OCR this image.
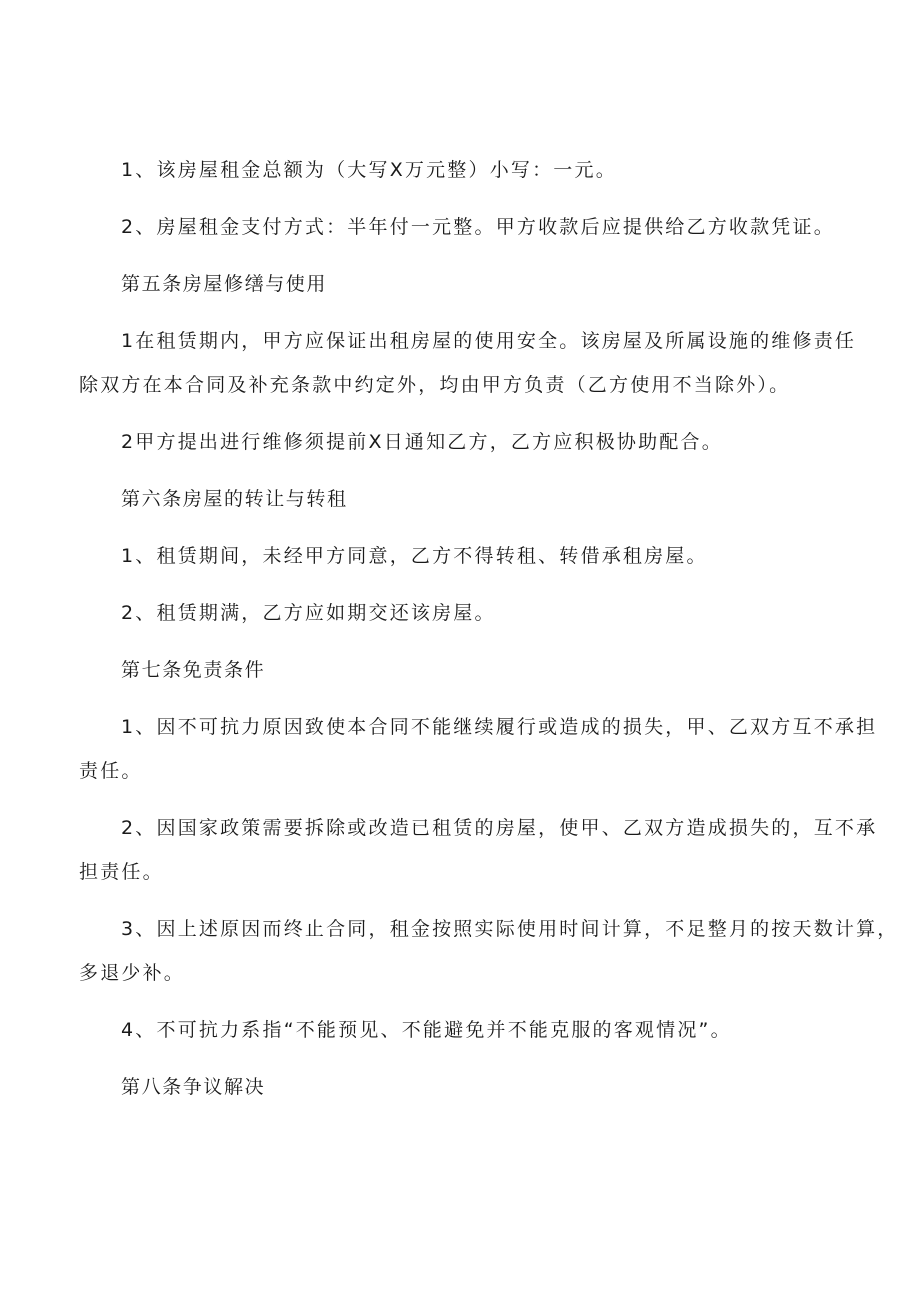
1、该房屋租金总额为（大写X万元整）小写：一元。
2、房屋租金支付方式：半年付一元整。甲方收款后应提供给乙方收款凭证。
第五条房屋修缮与使用
1在租赁期内，甲方应保证出租房屋的使用安全。该房屋及所属设施的维修责任
除双方在本合同及补充条款中约定外，均由甲方负责（乙方使用不当除外）。
2甲方提出进行维修须提前X日通知乙方，乙方应积极协助配合。
第六条房屋的转让与转租
1、租赁期间，未经甲方同意，乙方不得转租、转借承租房屋。
2、租赁期满，乙方应如期交还该房屋。
第七条免责条件
1、因不可抗力原因致使本合同不能继续履行或造成的损失，甲、乙双方互不承担
责任。
2、因国家政策需要拆除或改造已租赁的房屋，使甲、乙双方造成损失的，互不承
担责任。
3、因上述原因而终止合同，租金按照实际使用时间计算，不足整月的按天数计算，
多退少补。
4、不可抗力系指“不能预见、不能避免并不能克服的客观情况”。
第八条争议解决
